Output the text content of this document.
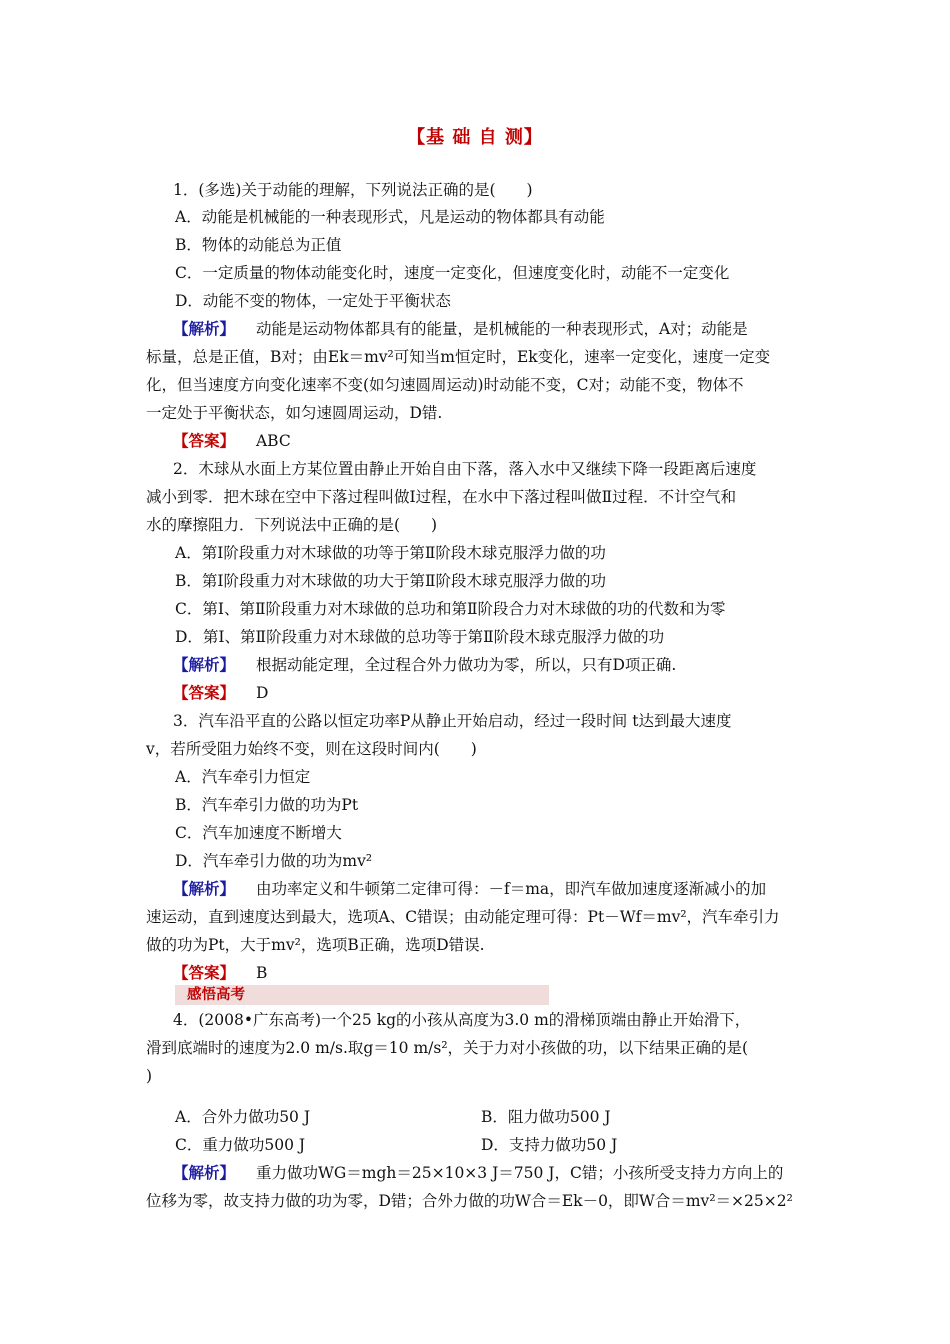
【基 础 自 测】
1．(多选)关于动能的理解，下列说法正确的是(　　)
A．动能是机械能的一种表现形式，凡是运动的物体都具有动能
B．物体的动能总为正值
C．一定质量的物体动能变化时，速度一定变化，但速度变化时，动能不一定变化
D．动能不变的物体，一定处于平衡状态
【解析】 动能是运动物体都具有的能量，是机械能的一种表现形式，A对；动能是
标量，总是正值，B对；由Ek＝mv²可知当m恒定时，Ek变化，速率一定变化，速度一定变
化，但当速度方向变化速率不变(如匀速圆周运动)时动能不变，C对；动能不变，物体不
一定处于平衡状态，如匀速圆周运动，D错.
【答案】 ABC
2．木球从水面上方某位置由静止开始自由下落，落入水中又继续下降一段距离后速度
减小到零．把木球在空中下落过程叫做Ⅰ过程，在水中下落过程叫做Ⅱ过程．不计空气和
水的摩擦阻力．下列说法中正确的是(　　)
A．第Ⅰ阶段重力对木球做的功等于第Ⅱ阶段木球克服浮力做的功
B．第Ⅰ阶段重力对木球做的功大于第Ⅱ阶段木球克服浮力做的功
C．第Ⅰ、第Ⅱ阶段重力对木球做的总功和第Ⅱ阶段合力对木球做的功的代数和为零
D．第Ⅰ、第Ⅱ阶段重力对木球做的总功等于第Ⅱ阶段木球克服浮力做的功
【解析】 根据动能定理，全过程合外力做功为零，所以，只有D项正确.
【答案】 D
3．汽车沿平直的公路以恒定功率P从静止开始启动，经过一段时间 t达到最大速度
v，若所受阻力始终不变，则在这段时间内(　　)
A．汽车牵引力恒定
B．汽车牵引力做的功为Pt
C．汽车加速度不断增大
D．汽车牵引力做的功为mv²
【解析】 由功率定义和牛顿第二定律可得：－f＝ma，即汽车做加速度逐渐减小的加
速运动，直到速度达到最大，选项A、C错误；由动能定理可得：Pt－Wf＝mv²，汽车牵引力
做的功为Pt，大于mv²，选项B正确，选项D错误.
【答案】 B
感悟高考
4．(2008•广东高考)一个25 kg的小孩从高度为3.0 m的滑梯顶端由静止开始滑下，
滑到底端时的速度为2.0 m/s.取g＝10 m/s²，关于力对小孩做的功，以下结果正确的是(
)
A．合外力做功50 J	B．阻力做功500 J
C．重力做功500 J	D．支持力做功50 J
【解析】 重力做功WG＝mgh＝25×10×3 J＝750 J，C错；小孩所受支持力方向上的
位移为零，故支持力做的功为零，D错；合外力做的功W合＝Ek－0，即W合＝mv²＝×25×2²
